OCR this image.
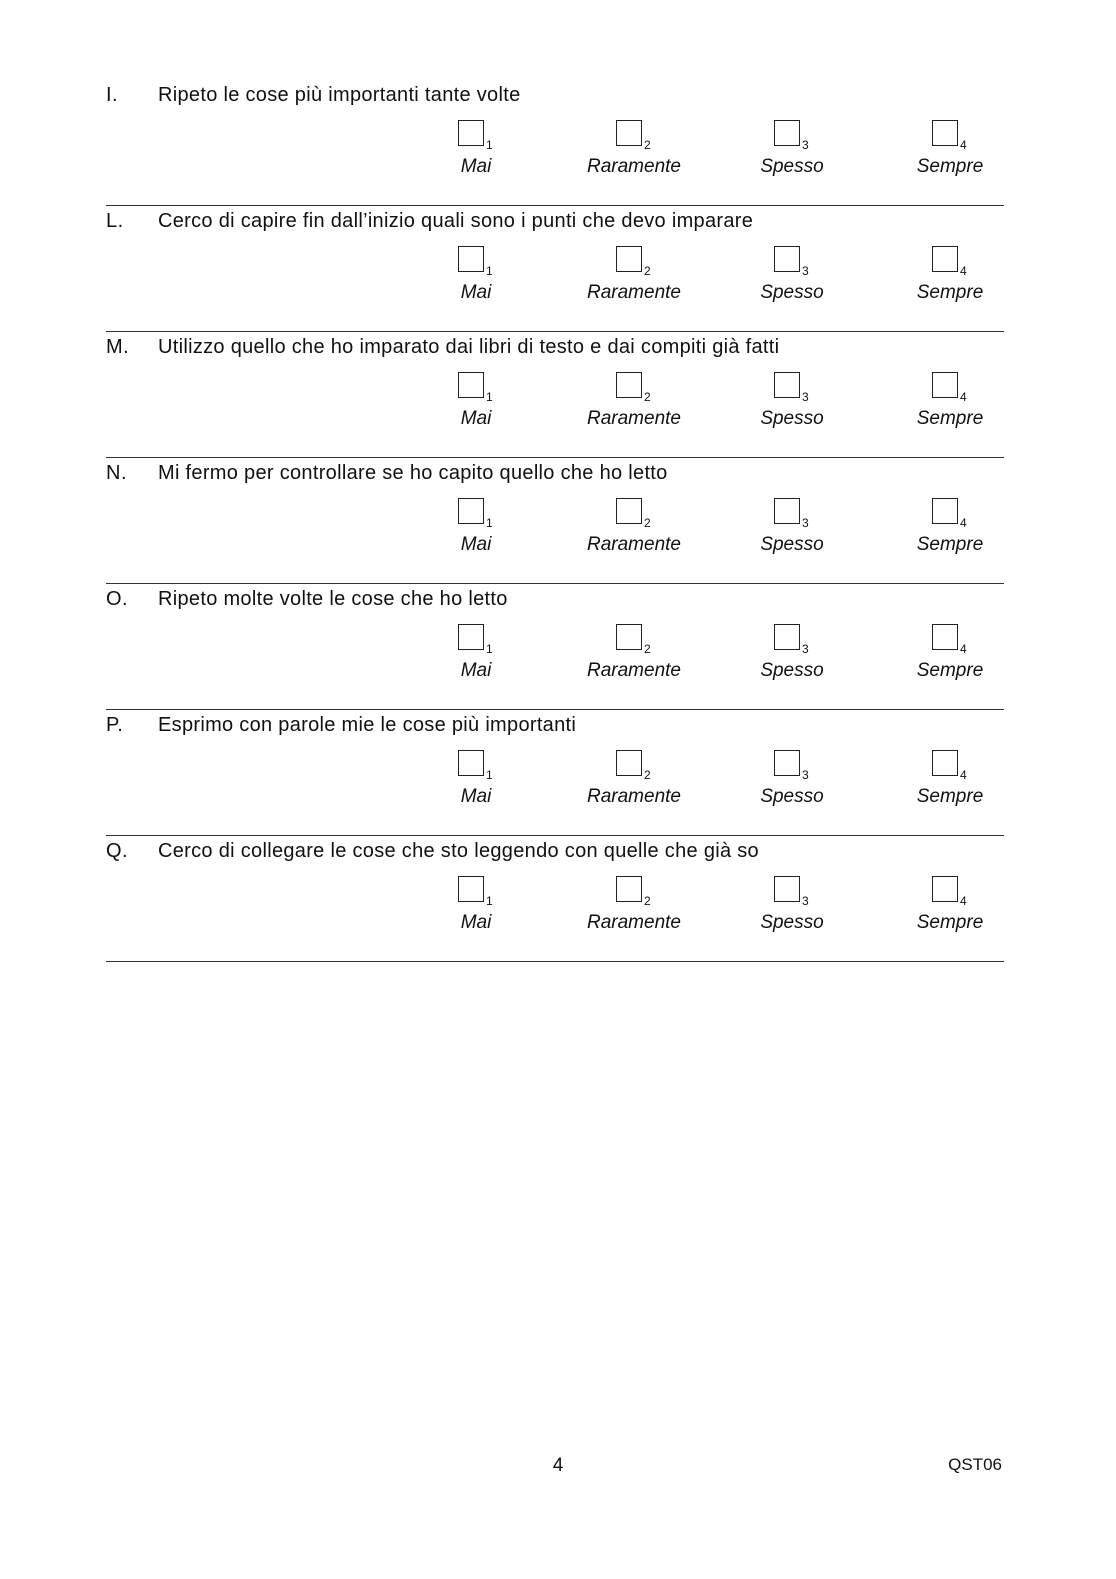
I. Ripeto le cose più importanti tante volte
1
Mai
2
Raramente
3
Spesso
4
Sempre
L. Cerco di capire fin dall’inizio quali sono i punti che devo imparare
1
Mai
2
Raramente
3
Spesso
4
Sempre
M. Utilizzo quello che ho imparato dai libri di testo e dai compiti già fatti
1
Mai
2
Raramente
3
Spesso
4
Sempre
N. Mi fermo per controllare se ho capito quello che ho letto
1
Mai
2
Raramente
3
Spesso
4
Sempre
O. Ripeto molte volte le cose che ho letto
1
Mai
2
Raramente
3
Spesso
4
Sempre
P. Esprimo con parole mie le cose più importanti
1
Mai
2
Raramente
3
Spesso
4
Sempre
Q. Cerco di collegare le cose che sto leggendo con quelle che già so
1
Mai
2
Raramente
3
Spesso
4
Sempre
4	QST06
